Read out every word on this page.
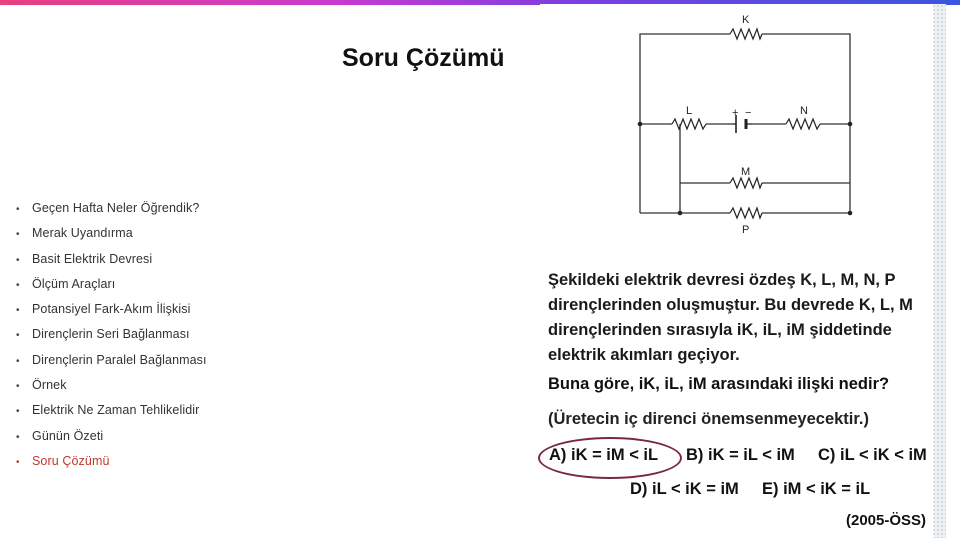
Soru Çözümü
• Geçen Hafta Neler Öğrendik?
• Merak Uyandırma
• Basit Elektrik Devresi
• Ölçüm Araçları
• Potansiyel Fark-Akım İlişkisi
• Dirençlerin Seri Bağlanması
• Dirençlerin Paralel Bağlanması
• Örnek
• Elektrik Ne Zaman Tehlikelidir
• Günün Özeti
• Soru Çözümü
K
L	+ −	N
M
P
Şekildeki elektrik devresi özdeş K, L, M, N, P
dirençlerinden oluşmuştur. Bu devrede K, L, M
dirençlerinden sırasıyla iK, iL, iM şiddetinde
elektrik akımları geçiyor.
Buna göre, iK, iL, iM arasındaki ilişki nedir?
(Üretecin iç direnci önemsenmeyecektir.)
A) iK = iM < iL B) iK = iL < iM C) iL < iK < iM
D) iL < iK = iM E) iM < iK = iL
(2005-ÖSS)
